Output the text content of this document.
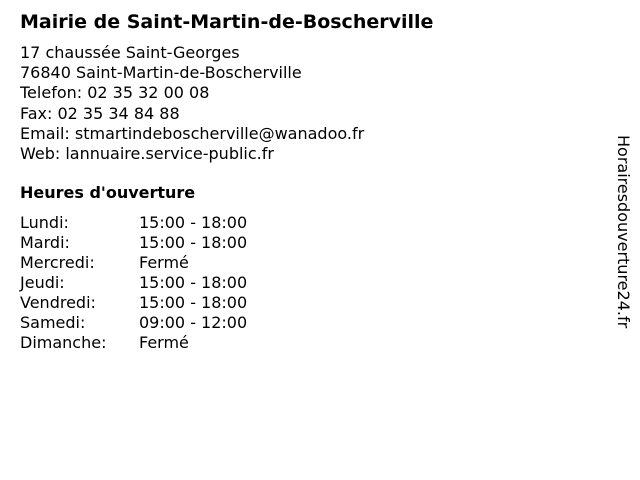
Mairie de Saint-Martin-de-Boscherville
17 chaussée Saint-Georges
76840 Saint-Martin-de-Boscherville
Telefon: 02 35 32 00 08
Fax: 02 35 34 84 88
Email: stmartindeboscherville@wanadoo.fr
Web: lannuaire.service-public.fr
Heures d'ouverture
Lundi:	15:00 - 18:00
Mardi:	15:00 - 18:00
Mercredi:	Fermé
Jeudi:	15:00 - 18:00
Vendredi:	15:00 - 18:00
Samedi:	09:00 - 12:00
Dimanche:	Fermé
Horairesdouverture24.fr
